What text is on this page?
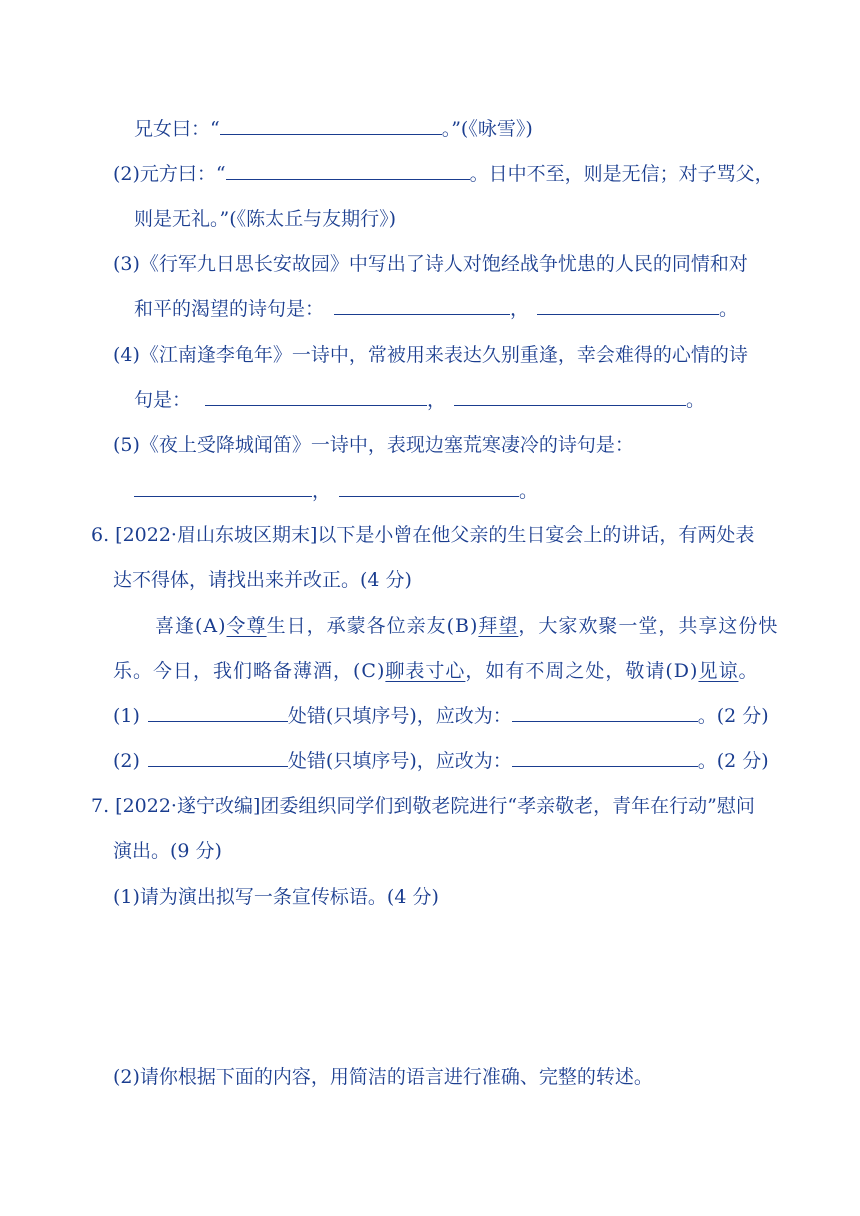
兄女曰：“	。”(《咏雪》)
(2)元方曰：“	。日中不至，则是无信；对子骂父，
则是无礼。”(《陈太丘与友期行》)
(3)《行军九日思长安故园》中写出了诗人对饱经战争忧患的人民的同情和对
和平的渴望的诗句是：	，	。
(4)《江南逢李龟年》一诗中，常被用来表达久别重逢，幸会难得的心情的诗
句是：	，	。
(5)《夜上受降城闻笛》一诗中，表现边塞荒寒凄冷的诗句是：
，	。
6. [2022·眉山东坡区期末]以下是小曾在他父亲的生日宴会上的讲话，有两处表
达不得体，请找出来并改正。(4 分)
喜逢(A)令尊生日，承蒙各位亲友(B)拜望，大家欢聚一堂，共享这份快
乐。今日，我们略备薄酒，(C)聊表寸心，如有不周之处，敬请(D)见谅。
(1)	处错(只填序号)，应改为：	。(2 分)
(2)	处错(只填序号)，应改为：	。(2 分)
7. [2022·遂宁改编]团委组织同学们到敬老院进行“孝亲敬老，青年在行动”慰问
演出。(9 分)
(1)请为演出拟写一条宣传标语。(4 分)
(2)请你根据下面的内容，用简洁的语言进行准确、完整的转述。
